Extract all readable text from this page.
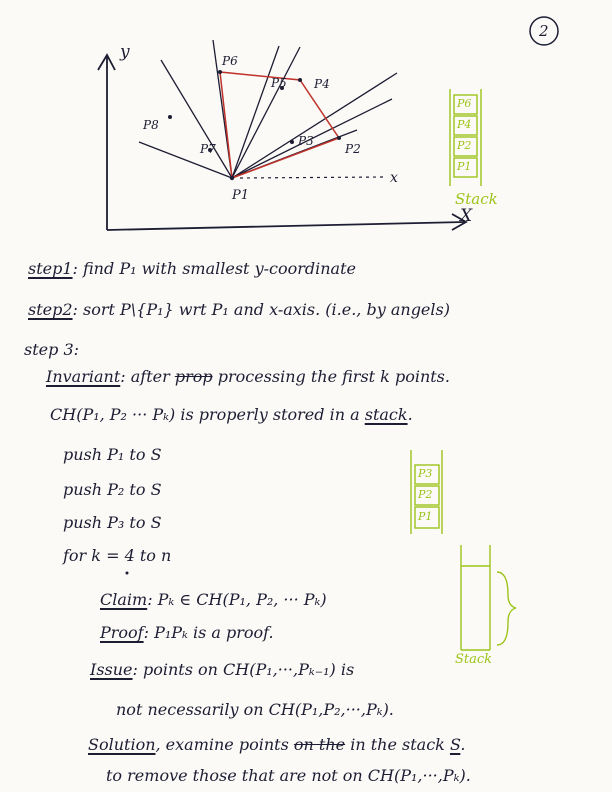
2
y
X
x
P6
P5 P4
P8
P7
P3
P2
P1
P6
P4
P2
P1
Stack
step1: find P₁ with smallest y-coordinate
step2: sort P\{P₁} wrt P₁ and x-axis. (i.e., by angels)
step 3:
Invariant: after prop processing the first k points.
CH(P₁, P₂ ··· Pₖ) is properly stored in a stack.
push P₁ to S
push P₂ to S
push P₃ to S
for k = 4 to n
P3
P2
P1
Stack
Claim: Pₖ ∈ CH(P₁, P₂, ··· Pₖ)
Proof: P₁Pₖ is a proof.
Issue: points on CH(P₁,···,Pₖ₋₁) is
not necessarily on CH(P₁,P₂,···,Pₖ).
Solution, examine points on the in the stack S.
to remove those that are not on CH(P₁,···,Pₖ).
